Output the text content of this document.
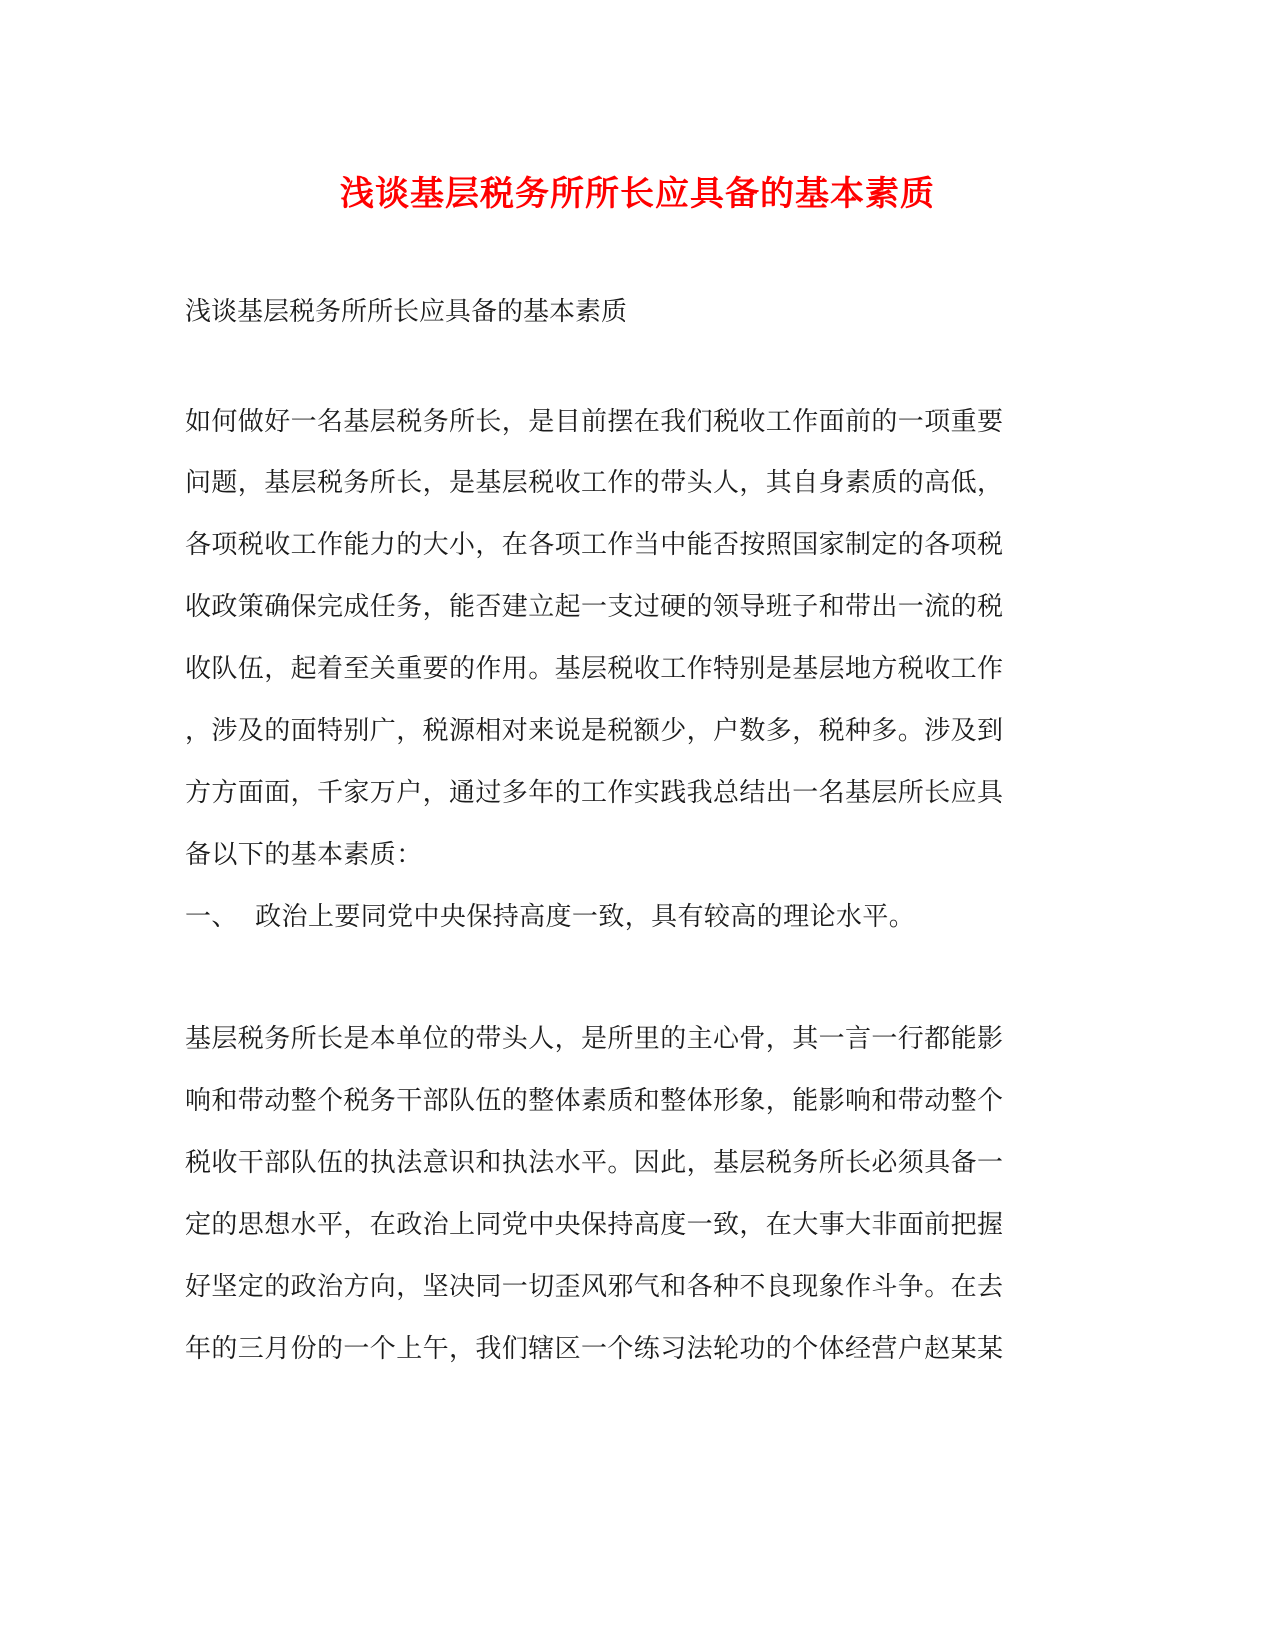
浅谈基层税务所所长应具备的基本素质

浅谈基层税务所所长应具备的基本素质

如何做好一名基层税务所长，是目前摆在我们税收工作面前的一项重要

问题，基层税务所长，是基层税收工作的带头人，其自身素质的高低，

各项税收工作能力的大小，在各项工作当中能否按照国家制定的各项税

收政策确保完成任务，能否建立起一支过硬的领导班子和带出一流的税

收队伍，起着至关重要的作用。基层税收工作特别是基层地方税收工作

，涉及的面特别广，税源相对来说是税额少，户数多，税种多。涉及到

方方面面，千家万户，通过多年的工作实践我总结出一名基层所长应具

备以下的基本素质：

一、  政治上要同党中央保持高度一致，具有较高的理论水平。

基层税务所长是本单位的带头人，是所里的主心骨，其一言一行都能影

响和带动整个税务干部队伍的整体素质和整体形象，能影响和带动整个

税收干部队伍的执法意识和执法水平。因此，基层税务所长必须具备一

定的思想水平，在政治上同党中央保持高度一致，在大事大非面前把握

好坚定的政治方向，坚决同一切歪风邪气和各种不良现象作斗争。在去

年的三月份的一个上午，我们辖区一个练习法轮功的个体经营户赵某某
